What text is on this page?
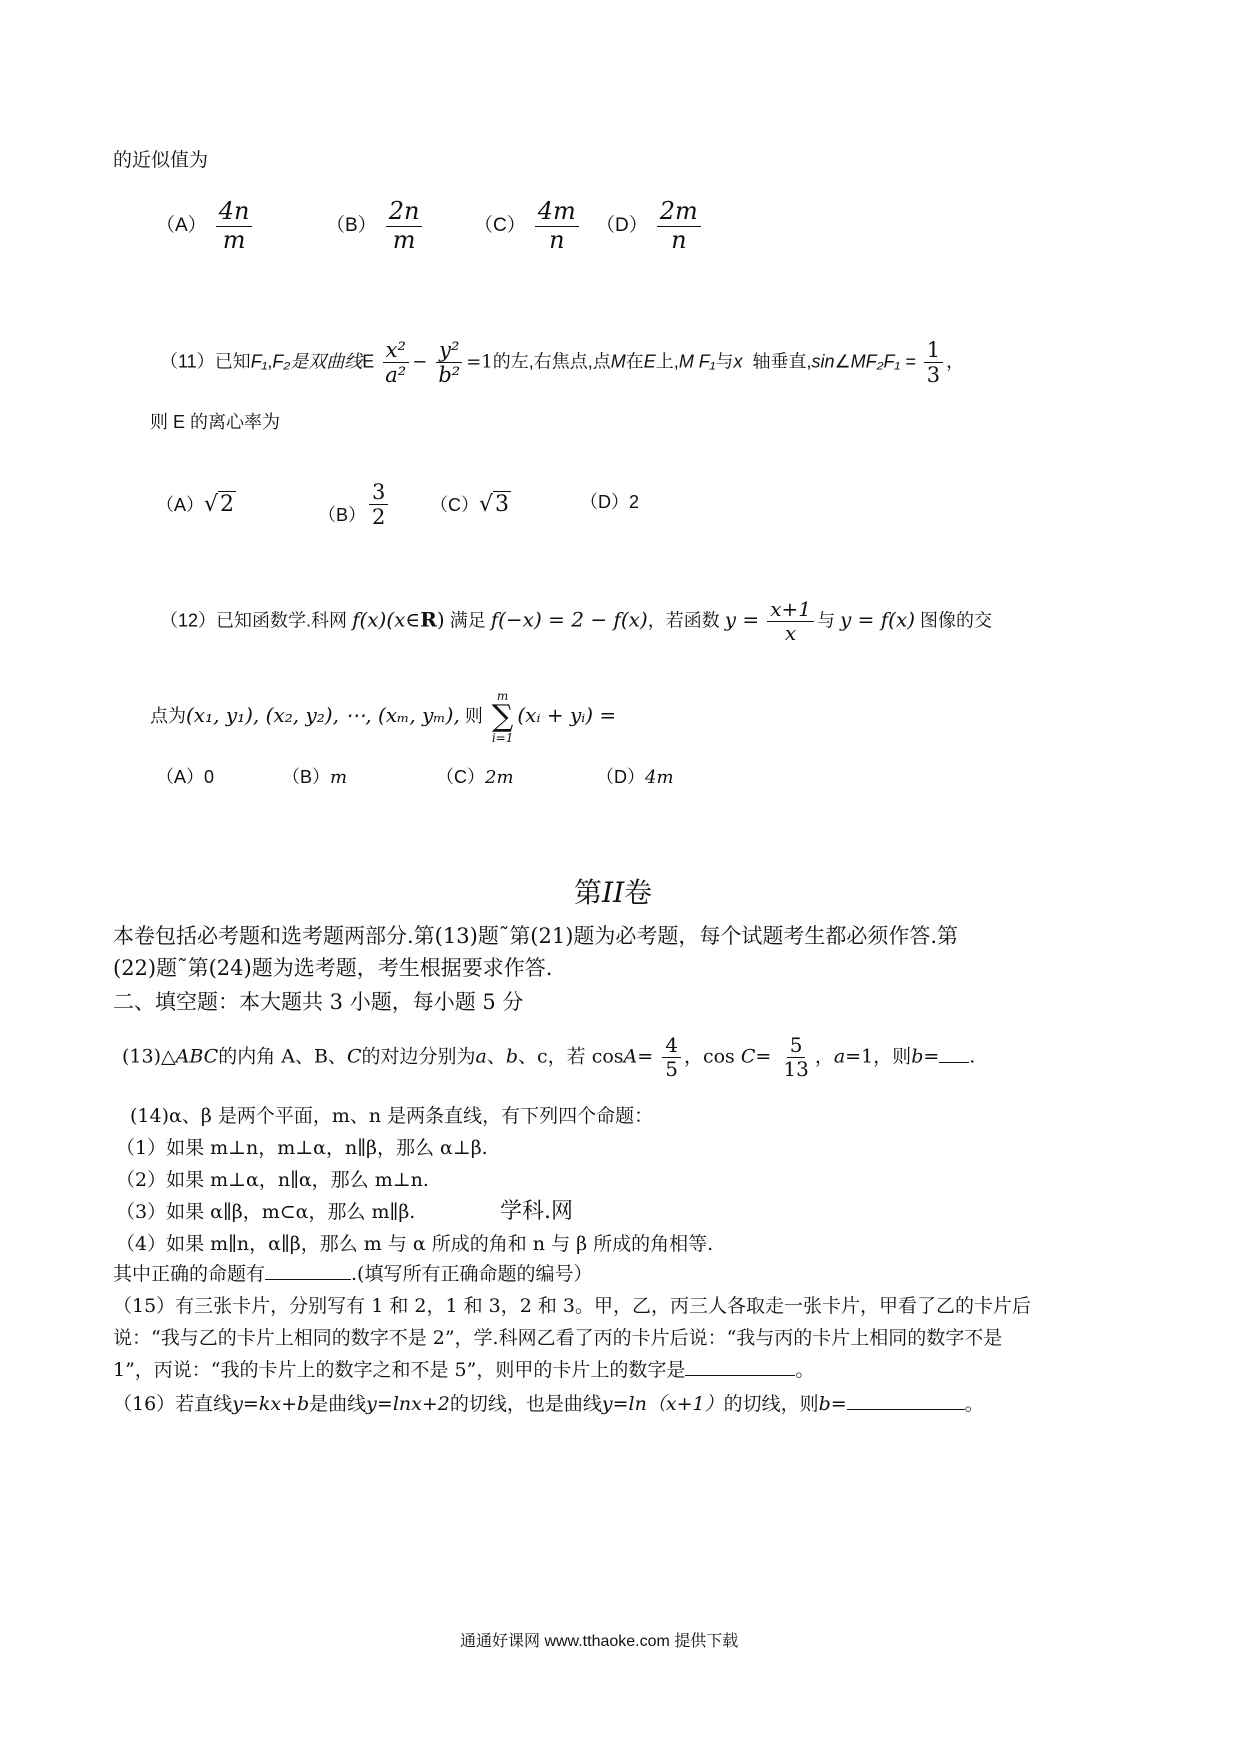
的近似值为
$(A) \frac{4n}{m}$	$(B) \frac{2n}{m}$	$(C) \frac{4m}{n} (D) \frac{2m}{n}$
（11）已知F₁,F₂是双曲线E $\frac{\text{x²}}{\text{a²}} - \frac{\text{y²}}{\text{b²}} =1$的左,右焦点,点M在E上,M F₁与x 轴垂直,sin∠MF₂F₁ = $\frac{1}{3}$ ，
则 E 的离心率为
（A）√2	$(B) \frac{3}{2} (C)√3$	（D）2
（12）已知函数学.科网 f(x)(x∈R) 满足 f(−x) = 2 − f(x)，若函数 $y = \frac{x+1}{x}$ 与 y = f(x) 图像的交
点为(x₁, y₁), (x₂, y₂), ⋯, (xₘ, yₘ), 则
m
∑
i=1
(xᵢ + yᵢ) =
（A）0	（B）m	（C）2m	（D）4m
第II卷
本卷包括必考题和选考题两部分.第(13)题˜第(21)题为必考题，每个试题考生都必须作答.第
(22)题˜第(24)题为选考题，考生根据要求作答.
二、填空题：本大题共 3 小题，每小题 5 分
(13)△ABC的内角 A、B、C的对边分别为a、b、c，若 $\cos A= \frac{4}{5}$ ，$\cos C= \frac{5}{13}$ ，a=1，则b= .
(14)α、β 是两个平面，m、n 是两条直线，有下列四个命题：
（1）如果 m⊥n，m⊥α，n∥β，那么 α⊥β.
（2）如果 m⊥α，n∥α，那么 m⊥n.
（3）如果 α∥β，m⊂α，那么 m∥β.	学科.网
（4）如果 m∥n，α∥β，那么 m 与 α 所成的角和 n 与 β 所成的角相等.
其中正确的命题有	.(填写所有正确命题的编号）
（15）有三张卡片，分别写有 1 和 2，1 和 3，2 和 3。甲，乙，丙三人各取走一张卡片，甲看了乙的卡片后
说：“我与乙的卡片上相同的数字不是 2”，学.科网乙看了丙的卡片后说：“我与丙的卡片上相同的数字不是
1”，丙说：“我的卡片上的数字之和不是 5”，则甲的卡片上的数字是	。
（16）若直线y=kx+b是曲线y=lnx+2的切线，也是曲线y=ln（x+1）的切线，则b=	。
通通好课网 www.tthaoke.com 提供下载
